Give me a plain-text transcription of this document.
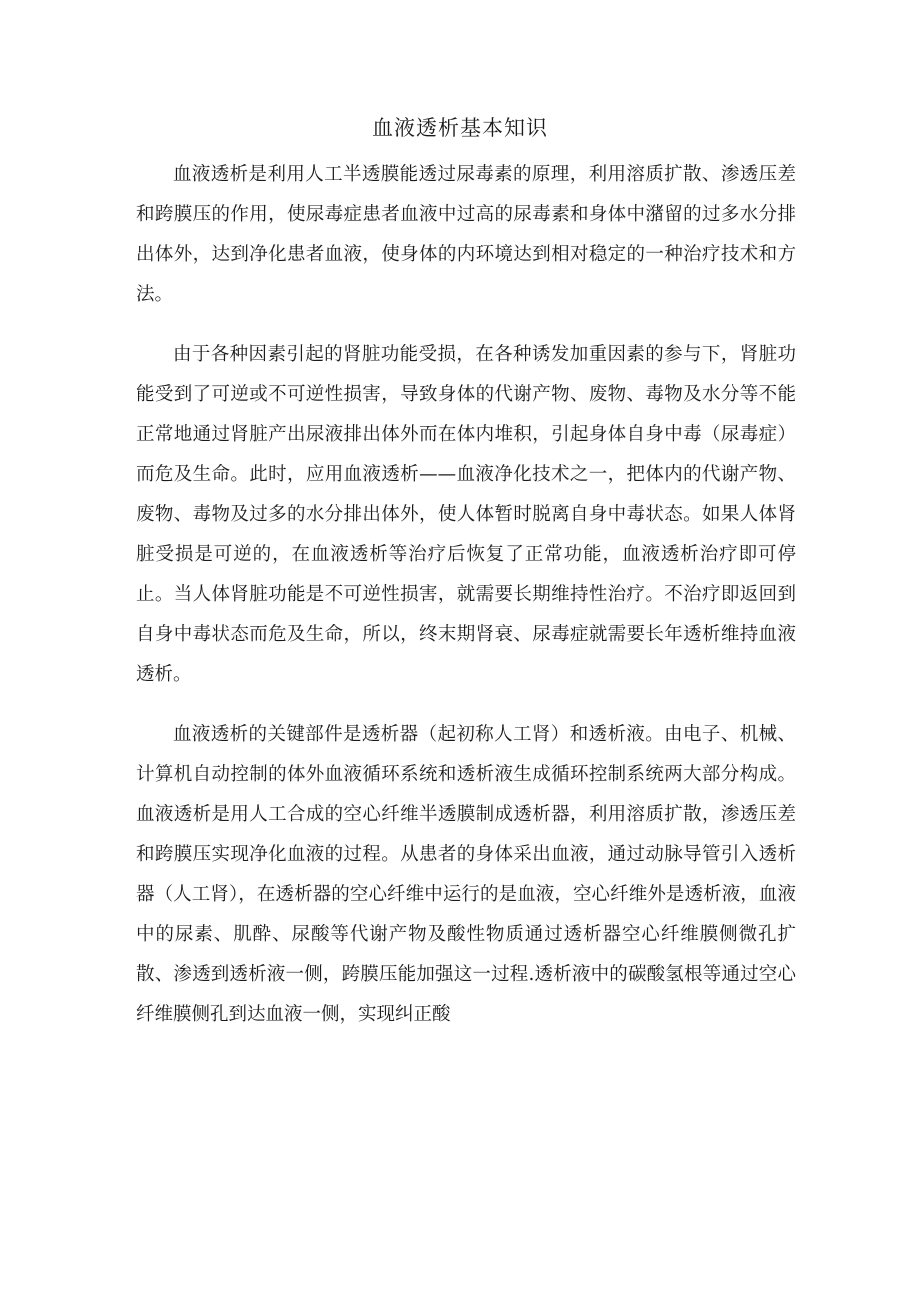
血液透析基本知识

血液透析是利用人工半透膜能透过尿毒素的原理，利用溶质扩散、渗透压差和跨膜压的作用，使尿毒症患者血液中过高的尿毒素和身体中潴留的过多水分排出体外，达到净化患者血液，使身体的内环境达到相对稳定的一种治疗技术和方法。

由于各种因素引起的肾脏功能受损，在各种诱发加重因素的参与下，肾脏功能受到了可逆或不可逆性损害，导致身体的代谢产物、废物、毒物及水分等不能正常地通过肾脏产出尿液排出体外而在体内堆积，引起身体自身中毒（尿毒症）而危及生命。此时，应用血液透析——血液净化技术之一，把体内的代谢产物、废物、毒物及过多的水分排出体外，使人体暂时脱离自身中毒状态。如果人体肾脏受损是可逆的，在血液透析等治疗后恢复了正常功能，血液透析治疗即可停止。当人体肾脏功能是不可逆性损害，就需要长期维持性治疗。不治疗即返回到自身中毒状态而危及生命，所以，终末期肾衰、尿毒症就需要长年透析维持血液透析。

血液透析的关键部件是透析器（起初称人工肾）和透析液。由电子、机械、计算机自动控制的体外血液循环系统和透析液生成循环控制系统两大部分构成。血液透析是用人工合成的空心纤维半透膜制成透析器，利用溶质扩散，渗透压差和跨膜压实现净化血液的过程。从患者的身体采出血液，通过动脉导管引入透析器（人工肾），在透析器的空心纤维中运行的是血液，空心纤维外是透析液，血液中的尿素、肌酔、尿酸等代谢产物及酸性物质通过透析器空心纤维膜侧微孔扩散、渗透到透析液一侧，跨膜压能加强这一过程.透析液中的碳酸氢根等通过空心纤维膜侧孔到达血液一侧，实现纠正酸
